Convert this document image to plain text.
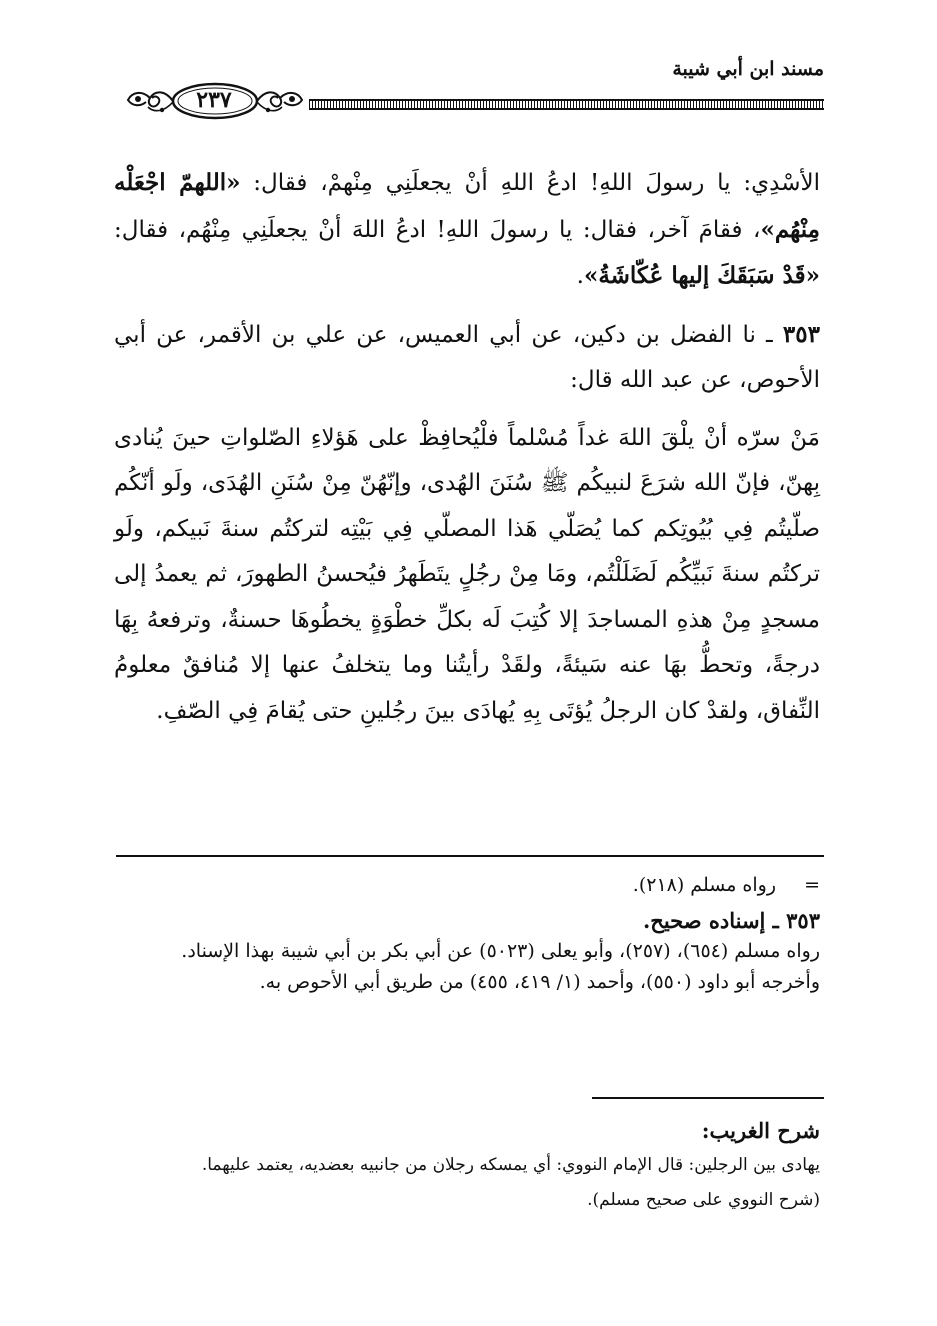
مسند ابن أبي شيبة
٢٣٧

الأسْدِي: يا رسولَ اللهِ! ادعُ اللهِ أنْ يجعلَنِي مِنْهمْ، فقال: «اللهمّ اجْعَلْه مِنْهُم»، فقامَ آخر، فقال: يا رسولَ اللهِ! ادعُ اللهَ أنْ يجعلَنِي مِنْهُم، فقال: «قَدْ سَبَقَكَ إليها عُكّاشَةُ».

٣٥٣ ـ نا الفضل بن دكين، عن أبي العميس، عن علي بن الأقمر، عن أبي الأحوص، عن عبد الله قال:

مَنْ سرّه أنْ يلْقَ اللهَ غداً مُسْلماً فلْيُحافِظْ على هَؤلاءِ الصّلواتِ حينَ يُنادى بِهنّ، فإنّ الله شرَعَ لنبيكُم ﷺ سُنَنَ الهُدى، وإنّهُنّ مِنْ سُنَنِ الهُدَى، ولَو أنّكُم صلّيتُم فِي بُيُوتِكم كما يُصَلّي هَذا المصلّي فِي بَيْتِه لتركتُم سنةَ نَبيكم، ولَو تركتُم سنةَ نَبيِّكُم لَضَلَلْتُم، ومَا مِنْ رجُلٍ يتَطَهرُ فيُحسنُ الطهورَ، ثم يعمدُ إلى مسجدٍ مِنْ هذهِ المساجدَ إلا كُتِبَ لَه بكلِّ خطْوَةٍ يخطُوهَا حسنةٌ، وترفعهُ بِهَا درجةً، وتحطُّ بهَا عنه سَيئةً، ولقَدْ رأيتُنا وما يتخلفُ عنها إلا مُنافقٌ معلومُ النِّفاق، ولقدْ كان الرجلُ يُؤتَى بِهِ يُهادَى بينَ رجُلينِ حتى يُقامَ فِي الصّفِ.

=رواه مسلم (٢١٨).

٣٥٣ ـ إسناده صحيح.

رواه مسلم (٦٥٤)، (٢٥٧)، وأبو يعلى (٥٠٢٣) عن أبي بكر بن أبي شيبة بهذا الإسناد.

وأخرجه أبو داود (٥٥٠)، وأحمد (١/ ٤١٩، ٤٥٥) من طريق أبي الأحوص به.

شرح الغريب:

يهادى بين الرجلين: قال الإمام النووي: أي يمسكه رجلان من جانبيه بعضديه، يعتمد عليهما.

(شرح النووي على صحيح مسلم).
